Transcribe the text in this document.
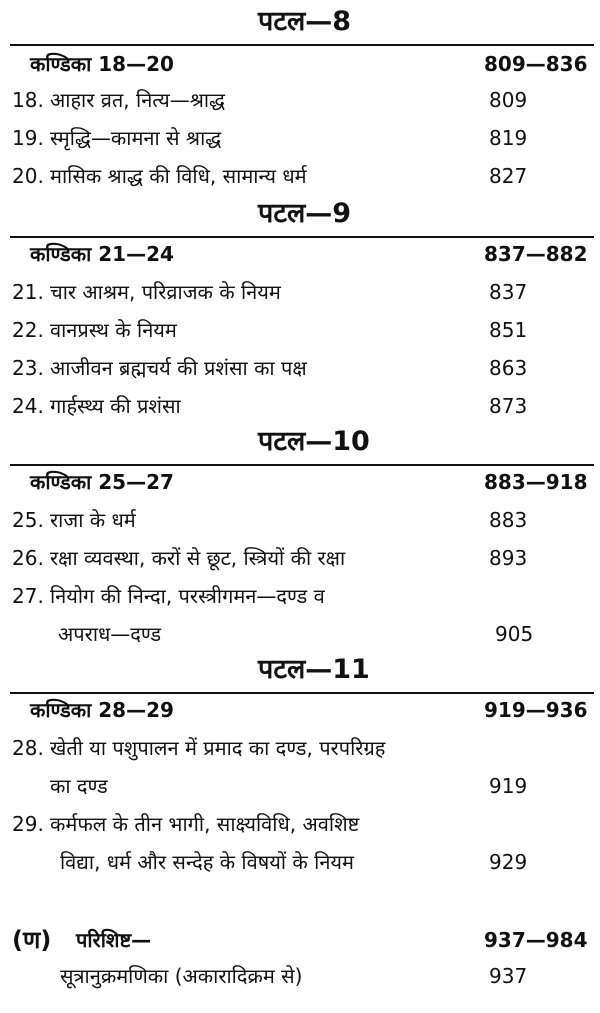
पटल—8
कण्डिका 18—20	809—836
18. आहार व्रत, नित्य—श्राद्ध	809
19. स्मृद्धि—कामना से श्राद्ध	819
20. मासिक श्राद्ध की विधि, सामान्य धर्म	827
पटल—9
कण्डिका 21—24	837—882
21. चार आश्रम, परिव्राजक के नियम	837
22. वानप्रस्थ के नियम	851
23. आजीवन ब्रह्मचर्य की प्रशंसा का पक्ष	863
24. गार्हस्थ्य की प्रशंसा	873
पटल—10
कण्डिका 25—27	883—918
25. राजा के धर्म	883
26. रक्षा व्यवस्था, करों से छूट, स्त्रियों की रक्षा	893
27. नियोग की निन्दा, परस्त्रीगमन—दण्ड व
अपराध—दण्ड	905
पटल—11
कण्डिका 28—29	919—936
28. खेती या पशुपालन में प्रमाद का दण्ड, परपरिग्रह
का दण्ड	919
29. कर्मफल के तीन भागी, साक्ष्यविधि, अवशिष्ट
विद्या, धर्म और सन्देह के विषयों के नियम	929
(ण) परिशिष्ट—	937—984
सूत्रानुक्रमणिका (अकारादिक्रम से)	937
